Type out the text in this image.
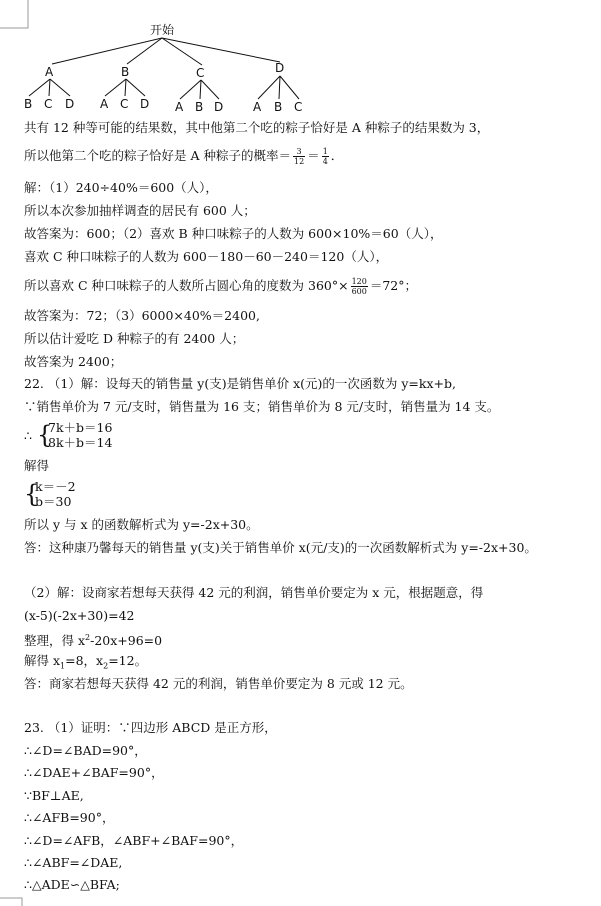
开始
A	B	C	D
B C D A C D A B D A B C
共有 12 种等可能的结果数，其中他第二个吃的粽子恰好是 A 种粽子的结果数为 3，
所以他第二个吃的粽子恰好是 A 种粽子的概率＝ $\frac{3}{12} = \frac{1}{4}$ ．
解：（1）240÷40%＝600（人），
所以本次参加抽样调查的居民有 600 人；
故答案为：600；（2）喜欢 B 种口味粽子的人数为 600×10%＝60（人），
喜欢 C 种口味粽子的人数为 600－180－60－240＝120（人），
所以喜欢 C 种口味粽子的人数所占圆心角的度数为 $360^\circ\times \frac{120}{600} =72^\circ$；
故答案为：72；（3）6000×40%＝2400,
所以估计爱吃 D 种粽子的有 2400 人；
故答案为 2400；
22. （1）解：设每天的销售量 y(支)是销售单价 x(元)的一次函数为 y=kx+b,
∵销售单价为 7 元/支时，销售量为 16 支；销售单价为 8 元/支时，销售量为 14 支。
∴ {
7k＋b＝16
8k＋b＝14
解得
{
k＝－2
b＝30
所以 y 与 x 的函数解析式为 y=-2x+30。
答：这种康乃馨每天的销售量 y(支)关于销售单价 x(元/支)的一次函数解析式为 y=-2x+30。
（2）解：设商家若想每天获得 42 元的利润，销售单价要定为 x 元，根据题意，得
(x-5)(-2x+30)=42
整理，得 $x^2-20x+96=0$
解得 $x_1=8$，$x_2=12$。
答：商家若想每天获得 42 元的利润，销售单价要定为 8 元或 12 元。
23. （1）证明：∵四边形 ABCD 是正方形，
∴∠D=∠BAD=90°，
∴∠DAE+∠BAF=90°，
∵BF⊥AE,
∴∠AFB=90°，
∴∠D=∠AFB，∠ABF+∠BAF=90°，
∴∠ABF=∠DAE,
∴△ADE∽△BFA;
